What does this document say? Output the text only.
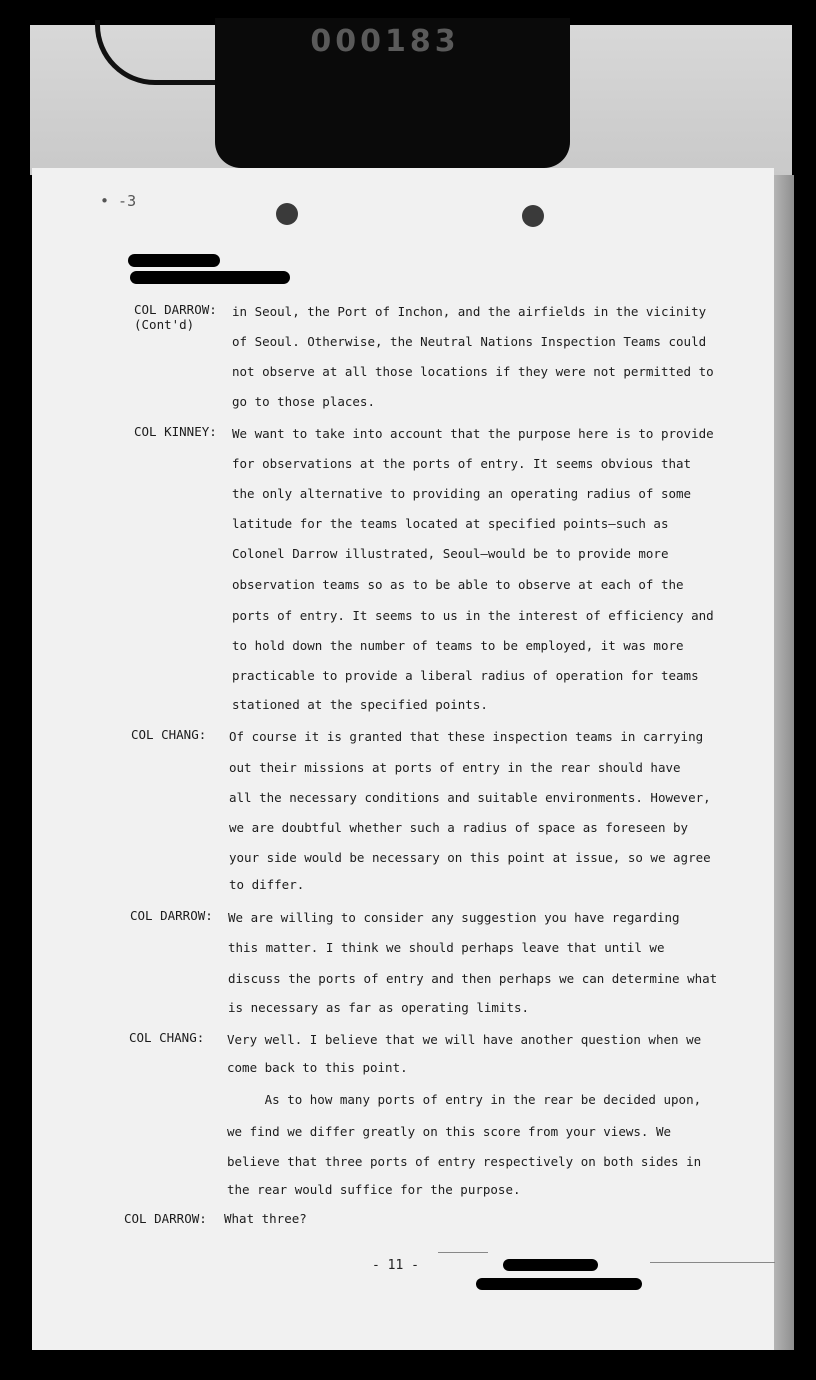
000183
• -3
COL DARROW:
(Cont'd)
in Seoul, the Port of Inchon, and the airfields in the vicinity
of Seoul. Otherwise, the Neutral Nations Inspection Teams could
not observe at all those locations if they were not permitted to
go to those places.
COL KINNEY: We want to take into account that the purpose here is to provide
for observations at the ports of entry. It seems obvious that
the only alternative to providing an operating radius of some
latitude for the teams located at specified points—such as
Colonel Darrow illustrated, Seoul—would be to provide more
observation teams so as to be able to observe at each of the
ports of entry. It seems to us in the interest of efficiency and
to hold down the number of teams to be employed, it was more
practicable to provide a liberal radius of operation for teams
stationed at the specified points.
COL CHANG: Of course it is granted that these inspection teams in carrying
out their missions at ports of entry in the rear should have
all the necessary conditions and suitable environments. However,
we are doubtful whether such a radius of space as foreseen by
your side would be necessary on this point at issue, so we agree
to differ.
COL DARROW: We are willing to consider any suggestion you have regarding
this matter. I think we should perhaps leave that until we
discuss the ports of entry and then perhaps we can determine what
is necessary as far as operating limits.
COL CHANG: Very well. I believe that we will have another question when we
come back to this point.
As to how many ports of entry in the rear be decided upon,
we find we differ greatly on this score from your views. We
believe that three ports of entry respectively on both sides in
the rear would suffice for the purpose.
COL DARROW: What three?
- 11 -
